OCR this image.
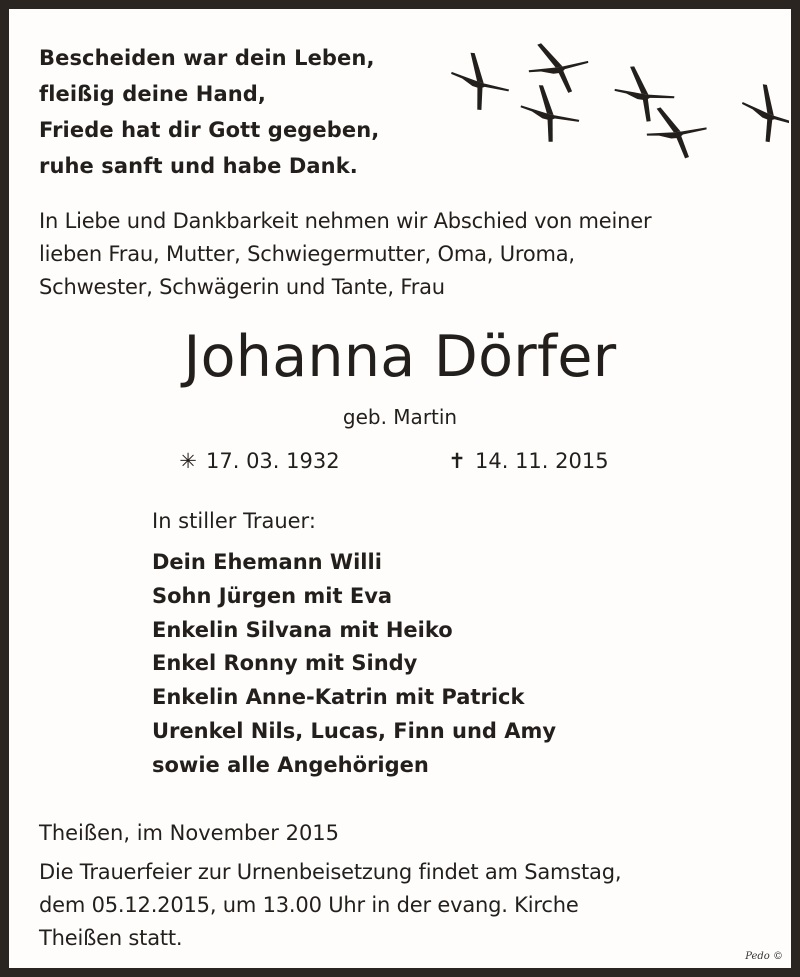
Bescheiden war dein Leben,
fleißig deine Hand,
Friede hat dir Gott gegeben,
ruhe sanft und habe Dank.
In Liebe und Dankbarkeit nehmen wir Abschied von meiner
lieben Frau, Mutter, Schwiegermutter, Oma, Uroma,
Schwester, Schwägerin und Tante, Frau
Johanna Dörfer
geb. Martin
✳ 17. 03. 1932	✝ 14. 11. 2015
In stiller Trauer:
Dein Ehemann Willi
Sohn Jürgen mit Eva
Enkelin Silvana mit Heiko
Enkel Ronny mit Sindy
Enkelin Anne-Katrin mit Patrick
Urenkel Nils, Lucas, Finn und Amy
sowie alle Angehörigen
Theißen, im November 2015
Die Trauerfeier zur Urnenbeisetzung findet am Samstag,
dem 05.12.2015, um 13.00 Uhr in der evang. Kirche
Theißen statt.
Pedo ©
